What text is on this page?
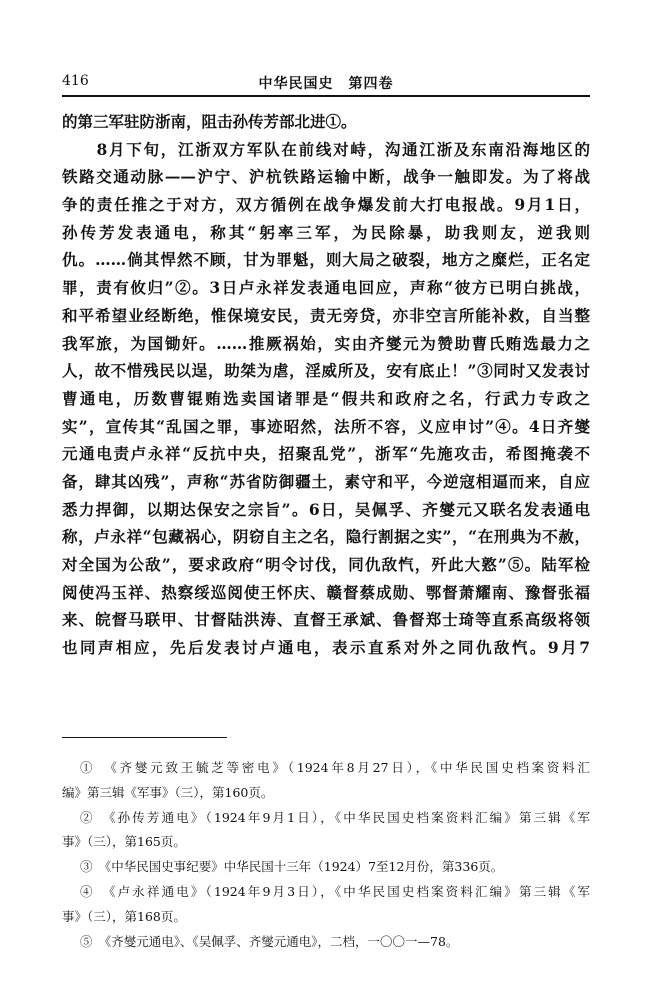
416	中华民国史　第四卷
的第三军驻防浙南，阻击孙传芳部北进①。
　　8月下旬，江浙双方军队在前线对峙，沟通江浙及东南沿海地区的
铁路交通动脉——沪宁、沪杭铁路运输中断，战争一触即发。为了将战
争的责任推之于对方，双方循例在战争爆发前大打电报战。9月1日，
孙传芳发表通电，称其“躬率三军，为民除暴，助我则友，逆我则
仇。……倘其悍然不顾，甘为罪魁，则大局之破裂，地方之糜烂，正名定
罪，责有攸归”②。3日卢永祥发表通电回应，声称“彼方已明白挑战，
和平希望业经断绝，惟保境安民，责无旁贷，亦非空言所能补救，自当整
我军旅，为国锄奸。……推厥祸始，实由齐燮元为赞助曹氏贿选最力之
人，故不惜残民以逞，助桀为虐，淫威所及，安有底止！”③同时又发表讨
曹通电，历数曹锟贿选卖国诸罪是“假共和政府之名，行武力专政之
实”，宣传其“乱国之罪，事迹昭然，法所不容，义应申讨”④。4日齐燮
元通电责卢永祥“反抗中央，招聚乱党”，浙军“先施攻击，希图掩袭不
备，肆其凶残”，声称“苏省防御疆土，素守和平，今逆寇相逼而来，自应
悉力捍御，以期达保安之宗旨”。6日，吴佩孚、齐燮元又联名发表通电
称，卢永祥“包藏祸心，阴窃自主之名，隐行割据之实”，“在刑典为不赦，
对全国为公敌”，要求政府“明令讨伐，同仇敌忾，歼此大憝”⑤。陆军检
阅使冯玉祥、热察绥巡阅使王怀庆、赣督蔡成勋、鄂督萧耀南、豫督张福
来、皖督马联甲、甘督陆洪涛、直督王承斌、鲁督郑士琦等直系高级将领
也同声相应，先后发表讨卢通电，表示直系对外之同仇敌忾。9月7
①　《齐燮元致王毓芝等密电》（1924年8月27日），《中华民国史档案资料汇
编》第三辑《军事》（三），第160页。
②　《孙传芳通电》（1924年9月1日），《中华民国史档案资料汇编》第三辑《军
事》（三），第165页。
③　《中华民国史事纪要》中华民国十三年（1924）7至12月份，第336页。
④　《卢永祥通电》（1924年9月3日），《中华民国史档案资料汇编》第三辑《军
事》（三），第168页。
⑤　《齐燮元通电》、《吴佩孚、齐燮元通电》，二档，一〇〇一—78。
